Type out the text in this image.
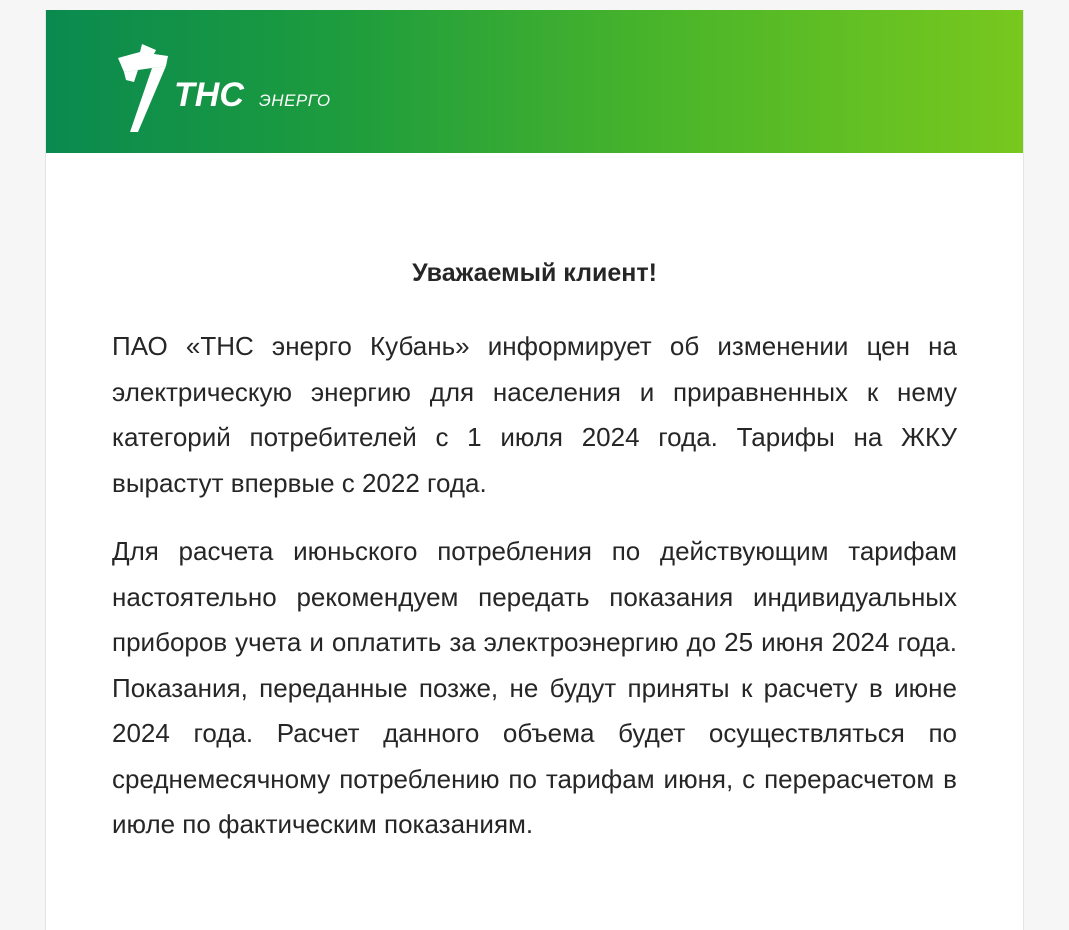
ТНС ЭНЕРГО
Уважаемый клиент!

ПАО «ТНС энерго Кубань» информирует об изменении цен на электрическую энергию для населения и приравненных к нему категорий потребителей с 1 июля 2024 года. Тарифы на ЖКУ вырастут впервые с 2022 года.

Для расчета июньского потребления по действующим тарифам настоятельно рекомендуем передать показания индивидуальных приборов учета и оплатить за электроэнергию до 25 июня 2024 года. Показания, переданные позже, не будут приняты к расчету в июне 2024 года. Расчет данного объема будет осуществляться по среднемесячному потреблению по тарифам июня, с перерасчетом в июле по фактическим показаниям.
